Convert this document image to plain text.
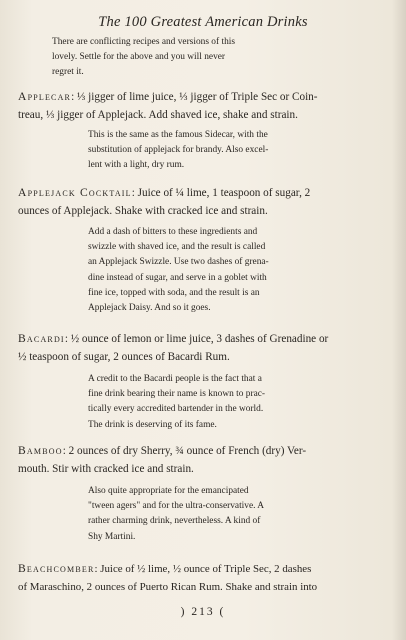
The 100 Greatest American Drinks
There are conflicting recipes and versions of this
lovely. Settle for the above and you will never
regret it.
Applecar: ⅓ jigger of lime juice, ⅓ jigger of Triple Sec or Coin-
treau, ⅓ jigger of Applejack. Add shaved ice, shake and strain.
This is the same as the famous Sidecar, with the
substitution of applejack for brandy. Also excel-
lent with a light, dry rum.
Applejack Cocktail: Juice of ¼ lime, 1 teaspoon of sugar, 2
ounces of Applejack. Shake with cracked ice and strain.
Add a dash of bitters to these ingredients and
swizzle with shaved ice, and the result is called
an Applejack Swizzle. Use two dashes of grena-
dine instead of sugar, and serve in a goblet with
fine ice, topped with soda, and the result is an
Applejack Daisy. And so it goes.
Bacardi: ½ ounce of lemon or lime juice, 3 dashes of Grenadine or
½ teaspoon of sugar, 2 ounces of Bacardi Rum.
A credit to the Bacardi people is the fact that a
fine drink bearing their name is known to prac-
tically every accredited bartender in the world.
The drink is deserving of its fame.
Bamboo: 2 ounces of dry Sherry, ¾ ounce of French (dry) Ver-
mouth. Stir with cracked ice and strain.
Also quite appropriate for the emancipated
"tween agers" and for the ultra-conservative. A
rather charming drink, nevertheless. A kind of
Shy Martini.
Beachcomber: Juice of ½ lime, ½ ounce of Triple Sec, 2 dashes
of Maraschino, 2 ounces of Puerto Rican Rum. Shake and strain into
) 213 (
